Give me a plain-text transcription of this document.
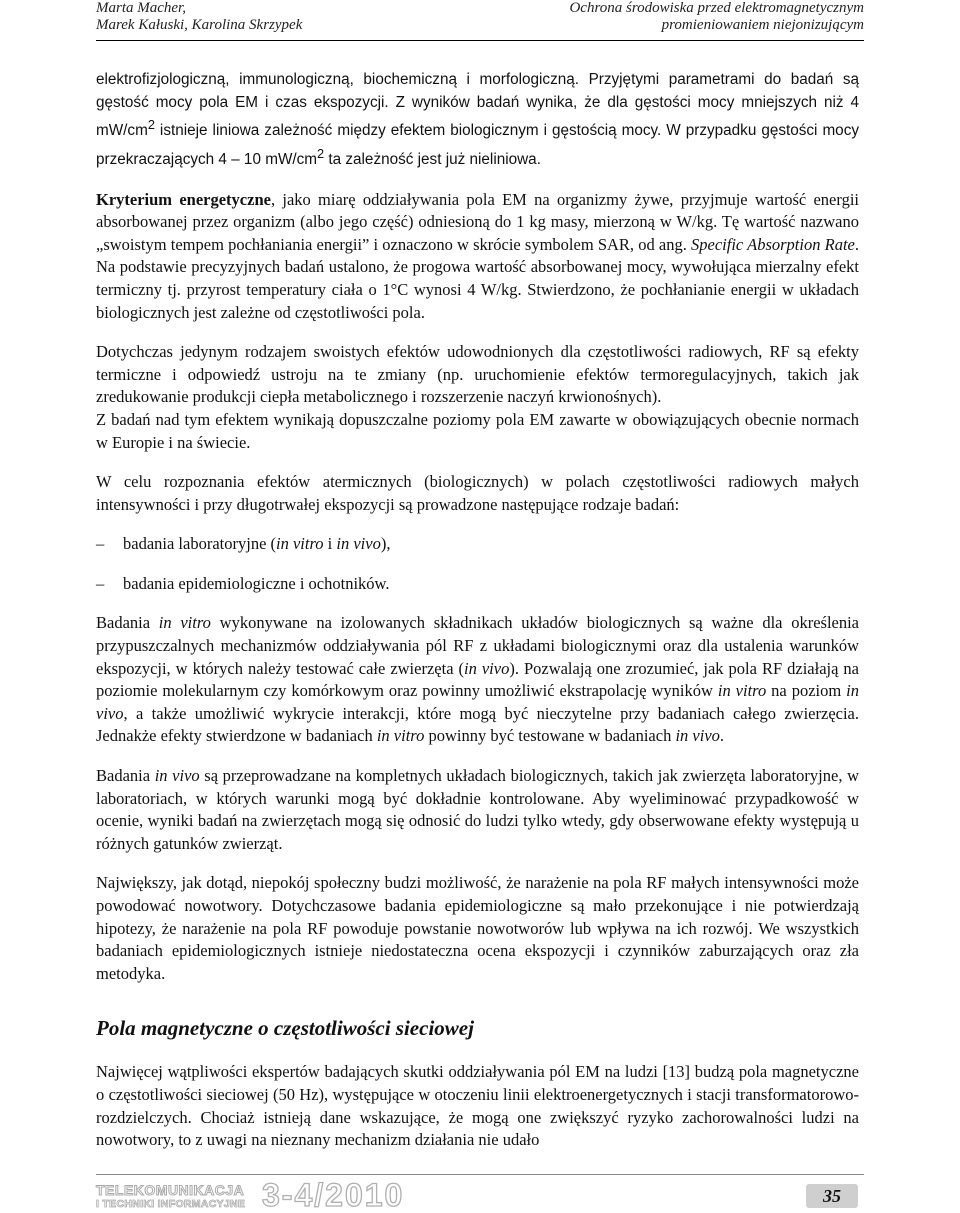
Marta Macher,
Marek Kałuski, Karolina Skrzypek
Ochrona środowiska przed elektromagnetycznym
promieniowaniem niejonizującym

elektrofizjologiczną, immunologiczną, biochemiczną i morfologiczną. Przyjętymi parametrami do badań są gęstość mocy pola EM i czas ekspozycji. Z wyników badań wynika, że dla gęstości mocy mniejszych niż 4 $mW/cm^2$ istnieje liniowa zależność między efektem biologicznym i gęstością mocy. W przypadku gęstości mocy przekraczających 4 – 10 $mW/cm^2$ ta zależność jest już nieliniowa.

Kryterium energetyczne, jako miarę oddziaływania pola EM na organizmy żywe, przyjmuje wartość energii absorbowanej przez organizm (albo jego część) odniesioną do 1 kg masy, mierzoną w W/kg. Tę wartość nazwano „swoistym tempem pochłaniania energii” i oznaczono w skrócie symbolem SAR, od ang. Specific Absorption Rate. Na podstawie precyzyjnych badań ustalono, że progowa wartość absorbowanej mocy, wywołująca mierzalny efekt termiczny tj. przyrost temperatury ciała o 1°C wynosi 4 W/kg. Stwierdzono, że pochłanianie energii w układach biologicznych jest zależne od częstotliwości pola.

Dotychczas jedynym rodzajem swoistych efektów udowodnionych dla częstotliwości radiowych, RF są efekty termiczne i odpowiedź ustroju na te zmiany (np. uruchomienie efektów termoregulacyjnych, takich jak zredukowanie produkcji ciepła metabolicznego i rozszerzenie naczyń krwionośnych).
Z badań nad tym efektem wynikają dopuszczalne poziomy pola EM zawarte w obowiązujących obecnie normach w Europie i na świecie.

W celu rozpoznania efektów atermicznych (biologicznych) w polach częstotliwości radiowych małych intensywności i przy długotrwałej ekspozycji są prowadzone następujące rodzaje badań:

– badania laboratoryjne (in vitro i in vivo),
– badania epidemiologiczne i ochotników.

Badania in vitro wykonywane na izolowanych składnikach układów biologicznych są ważne dla określenia przypuszczalnych mechanizmów oddziaływania pól RF z układami biologicznymi oraz dla ustalenia warunków ekspozycji, w których należy testować całe zwierzęta (in vivo). Pozwalają one zrozumieć, jak pola RF działają na poziomie molekularnym czy komórkowym oraz powinny umożliwić ekstrapolację wyników in vitro na poziom in vivo, a także umożliwić wykrycie interakcji, które mogą być nieczytelne przy badaniach całego zwierzęcia. Jednakże efekty stwierdzone w badaniach in vitro powinny być testowane w badaniach in vivo.

Badania in vivo są przeprowadzane na kompletnych układach biologicznych, takich jak zwierzęta laboratoryjne, w laboratoriach, w których warunki mogą być dokładnie kontrolowane. Aby wyeliminować przypadkowość w ocenie, wyniki badań na zwierzętach mogą się odnosić do ludzi tylko wtedy, gdy obserwowane efekty występują u różnych gatunków zwierząt.

Największy, jak dotąd, niepokój społeczny budzi możliwość, że narażenie na pola RF małych intensywności może powodować nowotwory. Dotychczasowe badania epidemiologiczne są mało przekonujące i nie potwierdzają hipotezy, że narażenie na pola RF powoduje powstanie nowotworów lub wpływa na ich rozwój. We wszystkich badaniach epidemiologicznych istnieje niedostateczna ocena ekspozycji i czynników zaburzających oraz zła metodyka.

Pola magnetyczne o częstotliwości sieciowej

Najwięcej wątpliwości ekspertów badających skutki oddziaływania pól EM na ludzi [13] budzą pola magnetyczne o częstotliwości sieciowej (50 Hz), występujące w otoczeniu linii elektroenergetycznych i stacji transformatorowo-rozdzielczych. Chociaż istnieją dane wskazujące, że mogą one zwiększyć ryzyko zachorowalności ludzi na nowotwory, to z uwagi na nieznany mechanizm działania nie udało

TELEKOMUNIKACJA
I TECHNIKI INFORMACYJNE 3-4/2010	35
